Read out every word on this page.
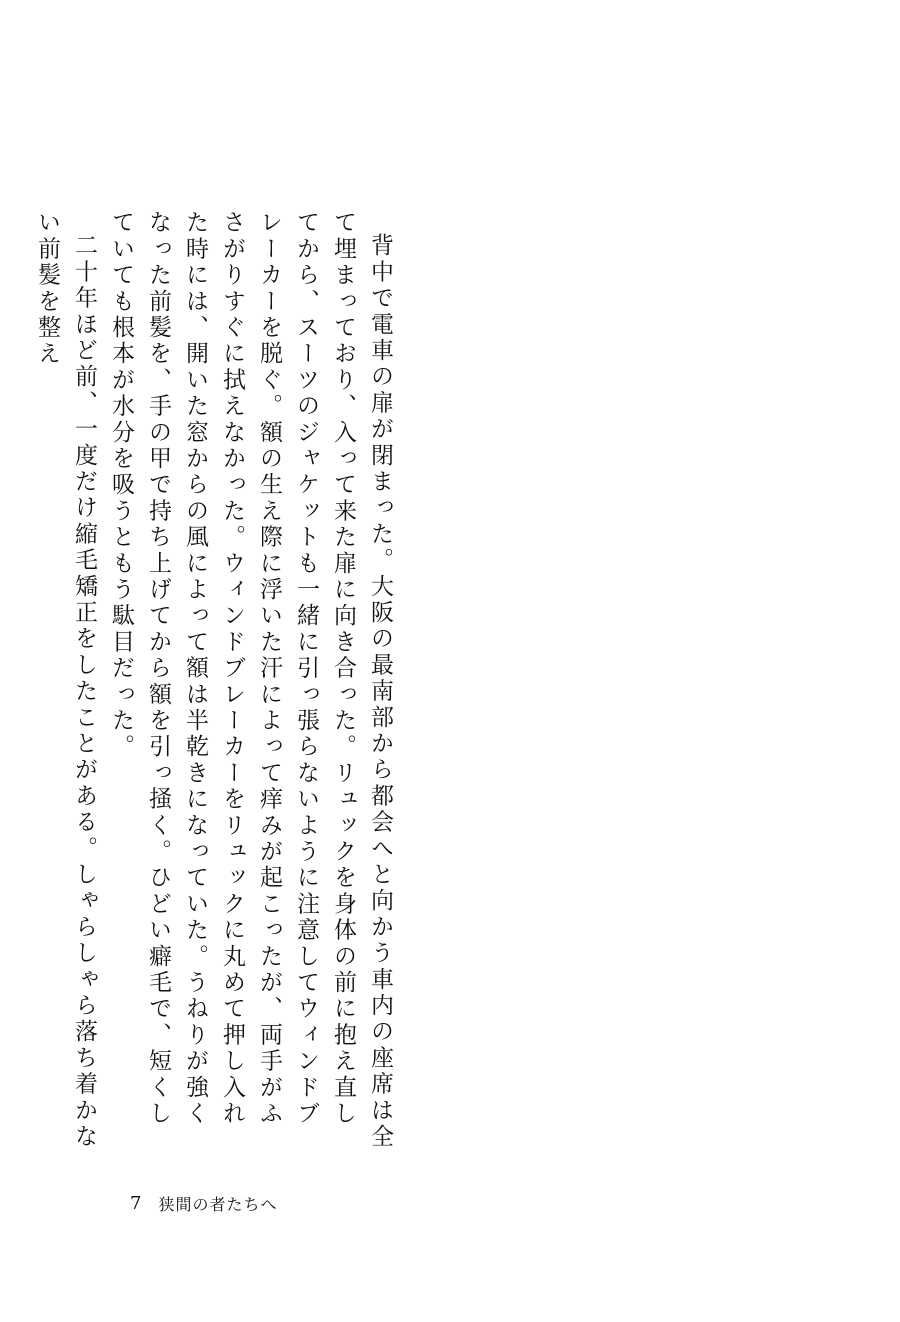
背中で電車の扉が閉まった。大阪の最南部から都会へと向かう車内の座席は全て埋まっており、入って来た扉に向き合った。リュックを身体の前に抱え直してから、スーツのジャケットも一緒に引っ張らないように注意してウィンドブレーカーを脱ぐ。額の生え際に浮いた汗によって痒みが起こったが、両手がふさがりすぐに拭えなかった。ウィンドブレーカーをリュックに丸めて押し入れた時には、開いた窓からの風によって額は半乾きになっていた。うねりが強くなった前髪を、手の甲で持ち上げてから額を引っ掻く。ひどい癖毛で、短くしていても根本が水分を吸うともう駄目だった。

二十年ほど前、一度だけ縮毛矯正をしたことがある。しゃらしゃら落ち着かない前髪を整え

7 狭間の者たちへ
